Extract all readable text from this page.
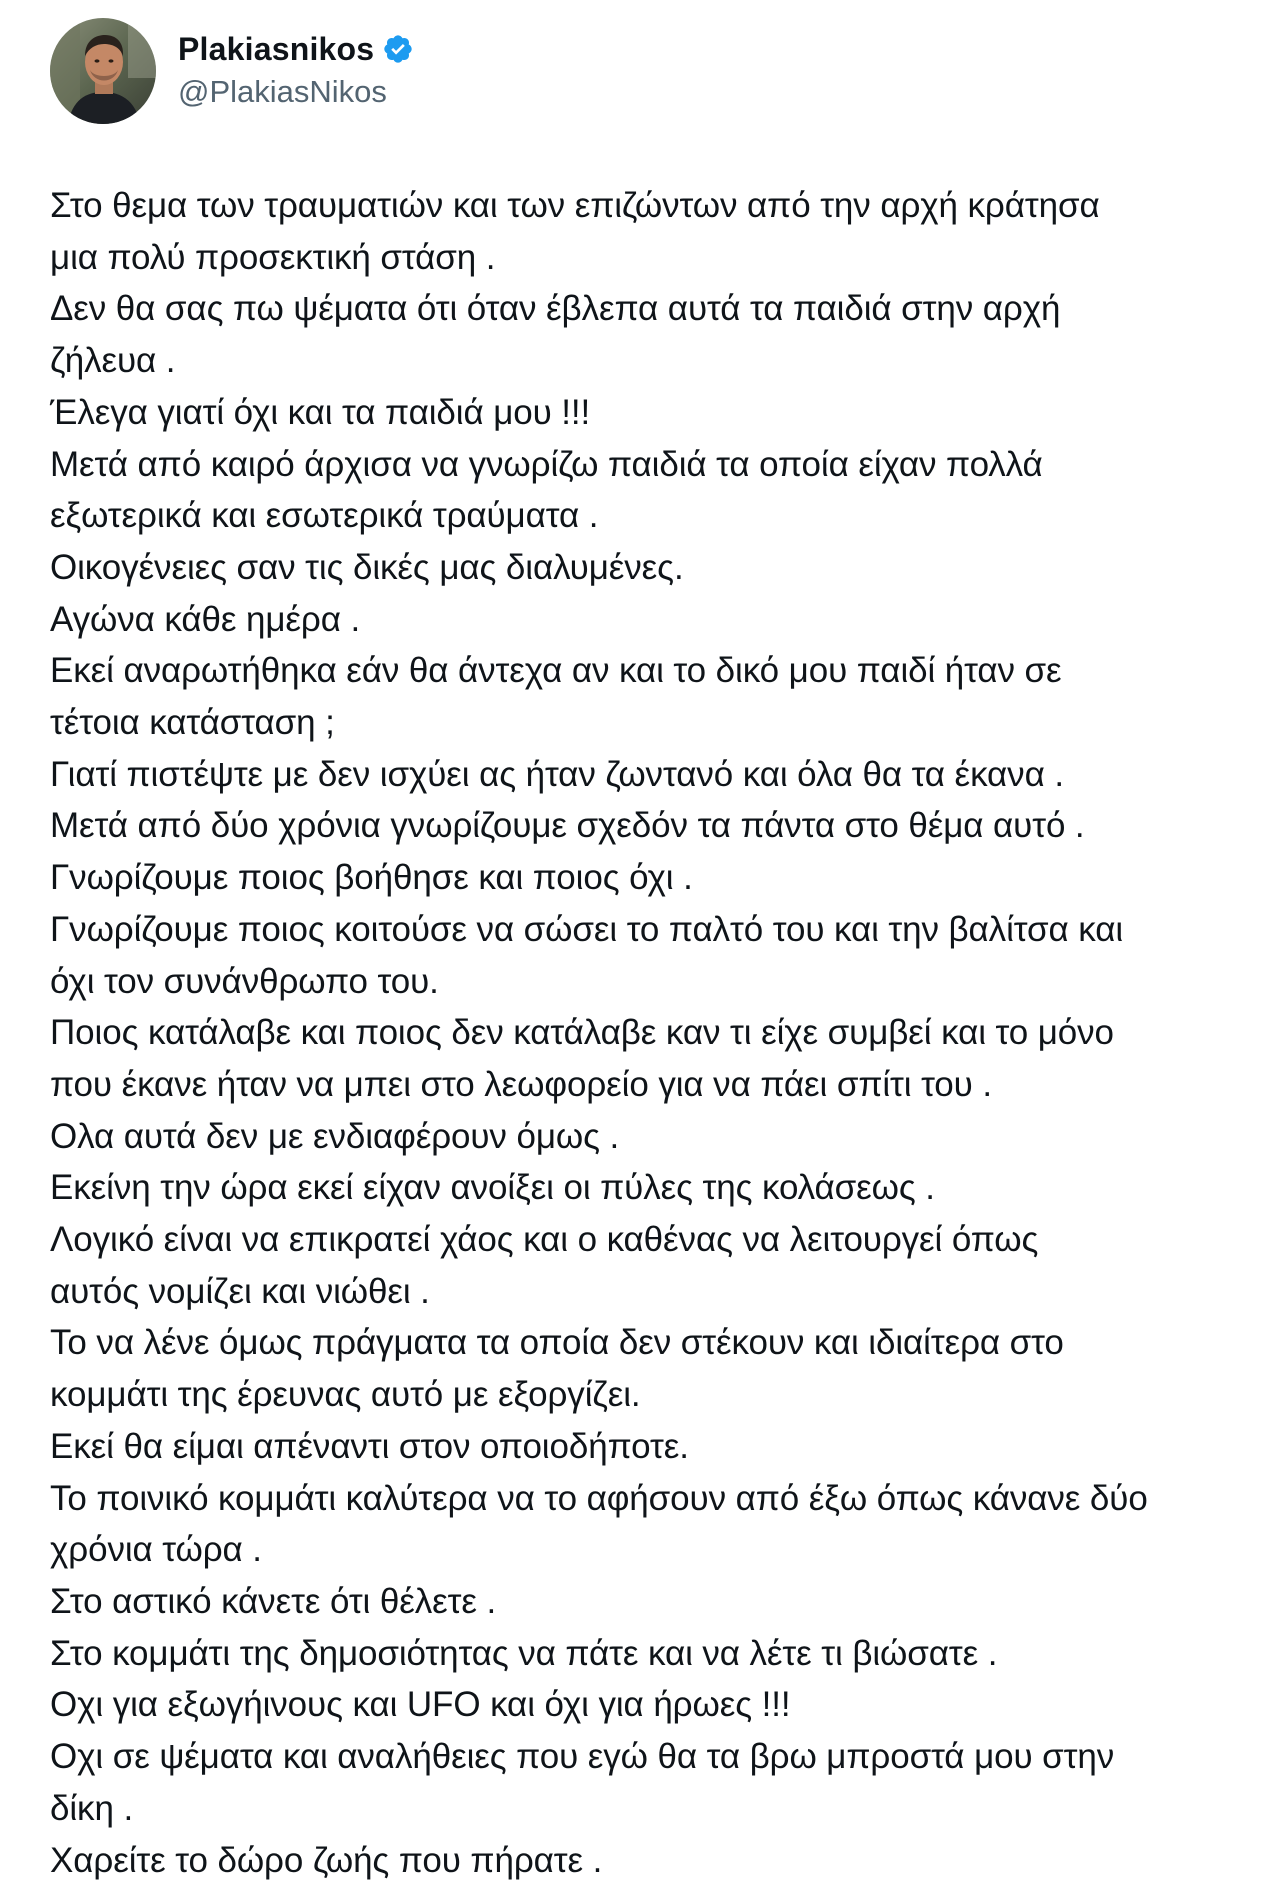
Plakiasnikos
@PlakiasNikos
Στο θεμα των τραυματιών και των επιζώντων από την αρχή κράτησα
μια πολύ προσεκτική στάση .
Δεν θα σας πω ψέματα ότι όταν έβλεπα αυτά τα παιδιά στην αρχή
ζήλευα .
Έλεγα γιατί όχι και τα παιδιά μου !!!
Μετά από καιρό άρχισα να γνωρίζω παιδιά τα οποία είχαν πολλά
εξωτερικά και εσωτερικά τραύματα .
Οικογένειες σαν τις δικές μας διαλυμένες.
Αγώνα κάθε ημέρα .
Εκεί αναρωτήθηκα εάν θα άντεχα αν και το δικό μου παιδί ήταν σε
τέτοια κατάσταση ;
Γιατί πιστέψτε με δεν ισχύει ας ήταν ζωντανό και όλα θα τα έκανα .
Μετά από δύο χρόνια γνωρίζουμε σχεδόν τα πάντα στο θέμα αυτό .
Γνωρίζουμε ποιος βοήθησε και ποιος όχι .
Γνωρίζουμε ποιος κοιτούσε να σώσει το παλτό του και την βαλίτσα και
όχι τον συνάνθρωπο του.
Ποιος κατάλαβε και ποιος δεν κατάλαβε καν τι είχε συμβεί και το μόνο
που έκανε ήταν να μπει στο λεωφορείο για να πάει σπίτι του .
Ολα αυτά δεν με ενδιαφέρουν όμως .
Εκείνη την ώρα εκεί είχαν ανοίξει οι πύλες της κολάσεως .
Λογικό είναι να επικρατεί χάος και ο καθένας να λειτουργεί όπως
αυτός νομίζει και νιώθει .
Το να λένε όμως πράγματα τα οποία δεν στέκουν και ιδιαίτερα στο
κομμάτι της έρευνας αυτό με εξοργίζει.
Εκεί θα είμαι απέναντι στον οποιοδήποτε.
Το ποινικό κομμάτι καλύτερα να το αφήσουν από έξω όπως κάνανε δύο
χρόνια τώρα .
Στο αστικό κάνετε ότι θέλετε .
Στο κομμάτι της δημοσιότητας να πάτε και να λέτε τι βιώσατε .
Οχι για εξωγήινους και UFO και όχι για ήρωες !!!
Οχι σε ψέματα και αναλήθειες που εγώ θα τα βρω μπροστά μου στην
δίκη .
Χαρείτε το δώρο ζωής που πήρατε .
